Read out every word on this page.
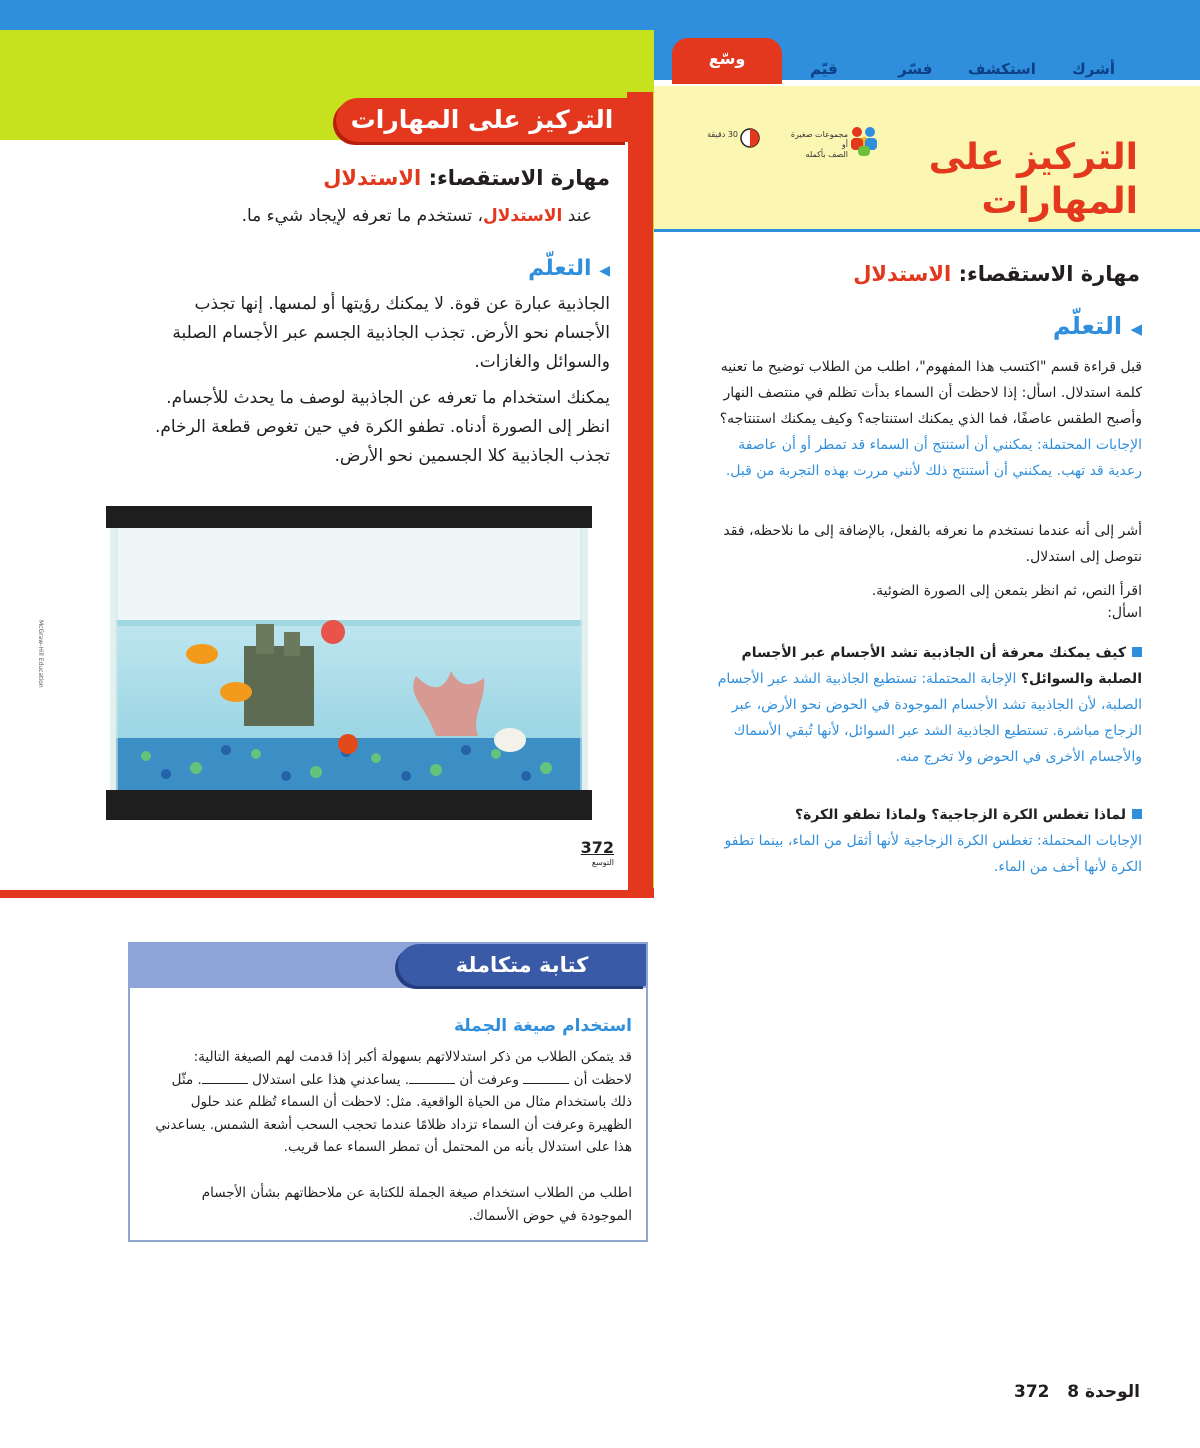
التركيز على المهارات
مهارة الاستقصاء: الاستدلال
عند الاستدلال، تستخدم ما تعرفه لإيجاد شيء ما.
◀ التعلّم
الجاذبية عبارة عن قوة. لا يمكنك رؤيتها أو لمسها. إنها تجذب الأجسام نحو الأرض. تجذب الجاذبية الجسم عبر الأجسام الصلبة والسوائل والغازات.
يمكنك استخدام ما تعرفه عن الجاذبية لوصف ما يحدث للأجسام. انظر إلى الصورة أدناه. تطفو الكرة في حين تغوص قطعة الرخام. تجذب الجاذبية كلا الجسمين نحو الأرض.
McGraw-Hill Education
372
التوسع
أشرك
استكشف
فسّر
قيّم
وسّع
التركيز على
المهارات
مجموعات صغيرة أو
الصف بأكمله
30 دقيقة
مهارة الاستقصاء: الاستدلال
◀ التعلّم
قبل قراءة قسم "اكتسب هذا المفهوم"، اطلب من الطلاب توضيح ما تعنيه كلمة استدلال. اسأل: إذا لاحظت أن السماء بدأت تظلم في منتصف النهار وأصبح الطقس عاصفًا، فما الذي يمكنك استنتاجه؟ وكيف يمكنك استنتاجه؟ الإجابات المحتملة: يمكنني أن أستنتج أن السماء قد تمطر أو أن عاصفة رعدية قد تهب. يمكنني أن أستنتج ذلك لأنني مررت بهذه التجربة من قبل.
أشر إلى أنه عندما نستخدم ما نعرفه بالفعل، بالإضافة إلى ما نلاحظه، فقد نتوصل إلى استدلال.
اقرأ النص، ثم انظر بتمعن إلى الصورة الضوئية.
اسأل:
كيف يمكنك معرفة أن الجاذبية تشد الأجسام عبر الأجسام الصلبة والسوائل؟ الإجابة المحتملة: تستطيع الجاذبية الشد عبر الأجسام الصلبة، لأن الجاذبية تشد الأجسام الموجودة في الحوض نحو الأرض، عبر الزجاج مباشرة. تستطيع الجاذبية الشد عبر السوائل، لأنها تُبقي الأسماك والأجسام الأخرى في الحوض ولا تخرج منه.
لماذا تغطس الكرة الزجاجية؟ ولماذا تطفو الكرة؟
الإجابات المحتملة: تغطس الكرة الزجاجية لأنها أثقل من الماء، بينما تطفو الكرة لأنها أخف من الماء.
كتابة متكاملة
استخدام صيغة الجملة
قد يتمكن الطلاب من ذكر استدلالاتهم بسهولة أكبر إذا قدمت لهم الصيغة التالية: لاحظت أن  وعرفت أن . يساعدني هذا على استدلال . مثّل ذلك باستخدام مثال من الحياة الواقعية. مثل: لاحظت أن السماء تُظلم عند حلول الظهيرة وعرفت أن السماء تزداد ظلامًا عندما تحجب السحب أشعة الشمس. يساعدني هذا على استدلال بأنه من المحتمل أن تمطر السماء عما قريب.
اطلب من الطلاب استخدام صيغة الجملة للكتابة عن ملاحظاتهم بشأن الأجسام الموجودة في حوض الأسماك.
الوحدة 8   372
